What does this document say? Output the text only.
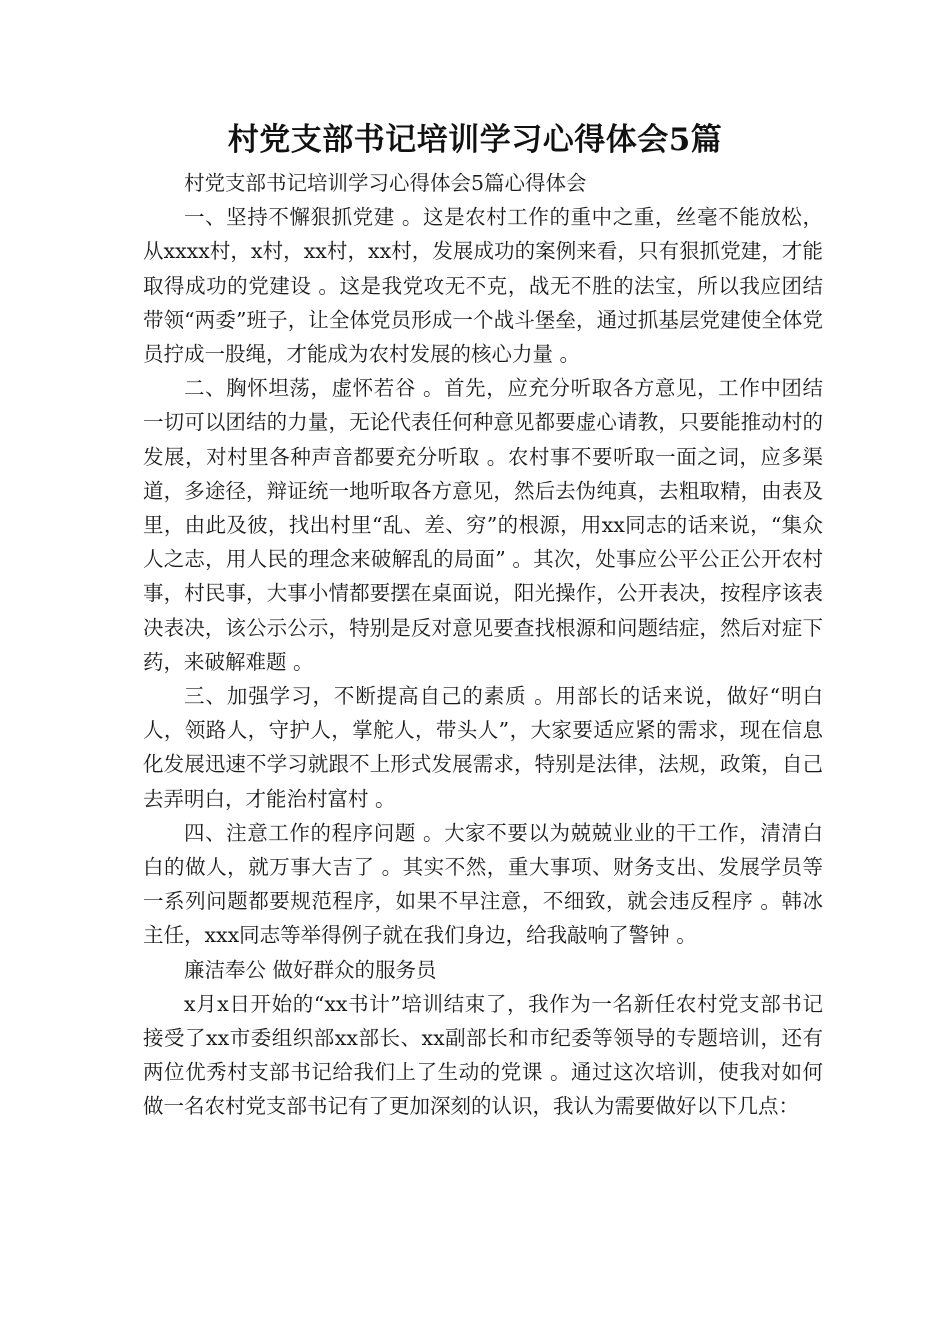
村党支部书记培训学习心得体会5篇

村党支部书记培训学习心得体会5篇心得体会

一、坚持不懈狠抓党建 。这是农村工作的重中之重，丝毫不能放松，从xxxx村，x村，xx村，xx村，发展成功的案例来看，只有狠抓党建，才能取得成功的党建设 。这是我党攻无不克，战无不胜的法宝，所以我应团结带领“两委”班子，让全体党员形成一个战斗堡垒，通过抓基层党建使全体党员拧成一股绳，才能成为农村发展的核心力量 。

二、胸怀坦荡，虚怀若谷 。首先，应充分听取各方意见，工作中团结一切可以团结的力量，无论代表任何种意见都要虚心请教，只要能推动村的发展，对村里各种声音都要充分听取 。农村事不要听取一面之词，应多渠道，多途径，辩证统一地听取各方意见，然后去伪纯真，去粗取精，由表及里，由此及彼，找出村里“乱、差、穷”的根源，用xx同志的话来说，“集众人之志，用人民的理念来破解乱的局面” 。其次，处事应公平公正公开农村事，村民事，大事小情都要摆在桌面说，阳光操作，公开表决，按程序该表决表决，该公示公示，特别是反对意见要查找根源和问题结症，然后对症下药，来破解难题 。

三、加强学习，不断提高自己的素质 。用部长的话来说，做好“明白人，领路人，守护人，掌舵人，带头人”，大家要适应紧的需求，现在信息化发展迅速不学习就跟不上形式发展需求，特别是法律，法规，政策，自己去弄明白，才能治村富村 。

四、注意工作的程序问题 。大家不要以为兢兢业业的干工作，清清白白的做人，就万事大吉了 。其实不然，重大事项、财务支出、发展学员等一系列问题都要规范程序，如果不早注意，不细致，就会违反程序 。韩冰主任，xxx同志等举得例子就在我们身边，给我敲响了警钟 。

廉洁奉公 做好群众的服务员

x月x日开始的“xx书计”培训结束了，我作为一名新任农村党支部书记接受了xx市委组织部xx部长、xx副部长和市纪委等领导的专题培训，还有两位优秀村支部书记给我们上了生动的党课 。通过这次培训，使我对如何做一名农村党支部书记有了更加深刻的认识，我认为需要做好以下几点：
